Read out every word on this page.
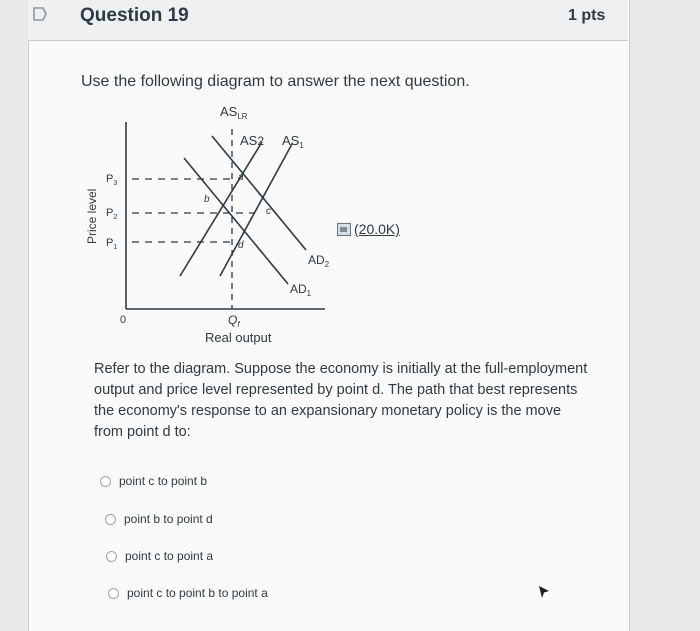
Question 19	1 pts
Use the following diagram to answer the next question.
$AS_{LR}$
AS2 $AS_1$
$AD_2$
$AD_1$
a
b
c
d
$P_3$
$P_2$
$P_1$
Price level
0	$Q_f$
Real output
(20.0K)
Refer to the diagram. Suppose the economy is initially at the full-employment output and price level represented by point d. The path that best represents the economy's response to an expansionary monetary policy is the move from point d to:
point c to point b
point b to point d
point c to point a
point c to point b to point a
